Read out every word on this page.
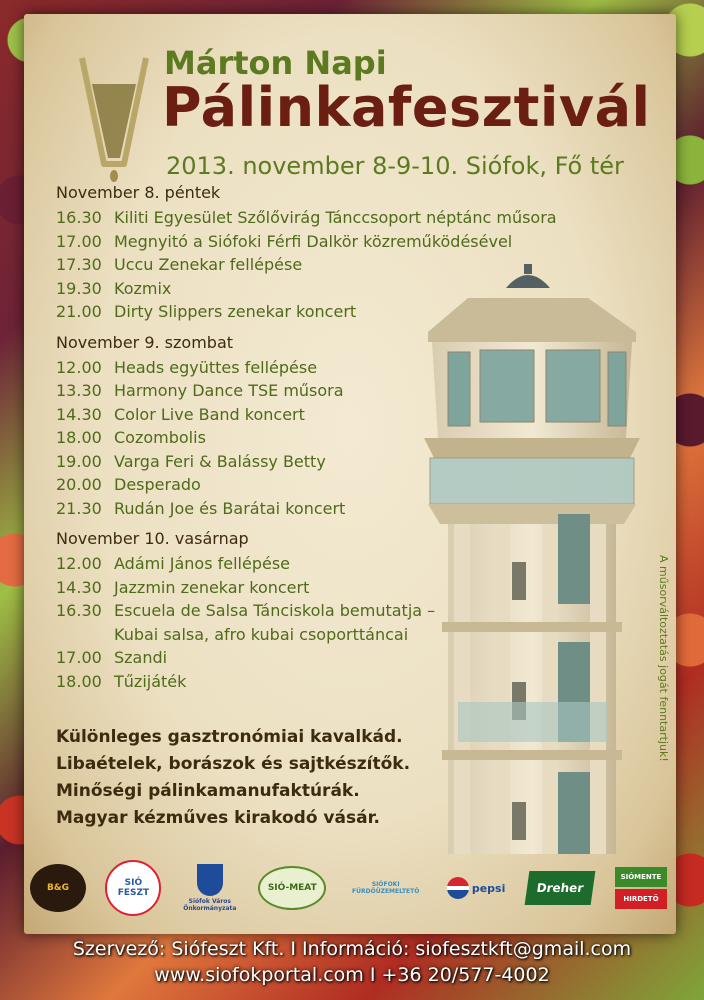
Márton Napi
Pálinkafesztivál
2013. november 8-9-10. Siófok, Fő tér
November 8. péntek
16.30 Kiliti Egyesület Szőlővirág Tánccsoport néptánc műsora
17.00 Megnyitó a Siófoki Férfi Dalkör közreműködésével
17.30 Uccu Zenekar fellépése
19.30 Kozmix
21.00 Dirty Slippers zenekar koncert
November 9. szombat
12.00 Heads együttes fellépése
13.30 Harmony Dance TSE műsora
14.30 Color Live Band koncert
18.00 Cozombolis
19.00 Varga Feri & Balássy Betty
20.00 Desperado
21.30 Rudán Joe és Barátai koncert
November 10. vasárnap
12.00 Adámi János fellépése
14.30 Jazzmin zenekar koncert
16.30 Escuela de Salsa Tánciskola bemutatja –
Kubai salsa, afro kubai csoporttáncai
17.00 Szandi
18.00 Tűzijáték
Különleges gasztronómiai kavalkád.
Libaételek, borászok és sajtkészítők.
Minőségi pálinkamanufaktúrák.
Magyar kézműves kirakodó vásár.
A műsorváltoztatás jogát fenntartjuk!
B&G	SIÓ FESZT
Siófok Város Önkormányzata
SIÓ-MEAT	SIÓFOKI FÜRDŐÜZEMELTETŐ	pepsi	Dreher
SIÓMENTE
HIRDETŐ
Szervező: Siófeszt Kft. I Információ: siofesztkft@gmail.com
www.siofokportal.com I +36 20/577-4002
